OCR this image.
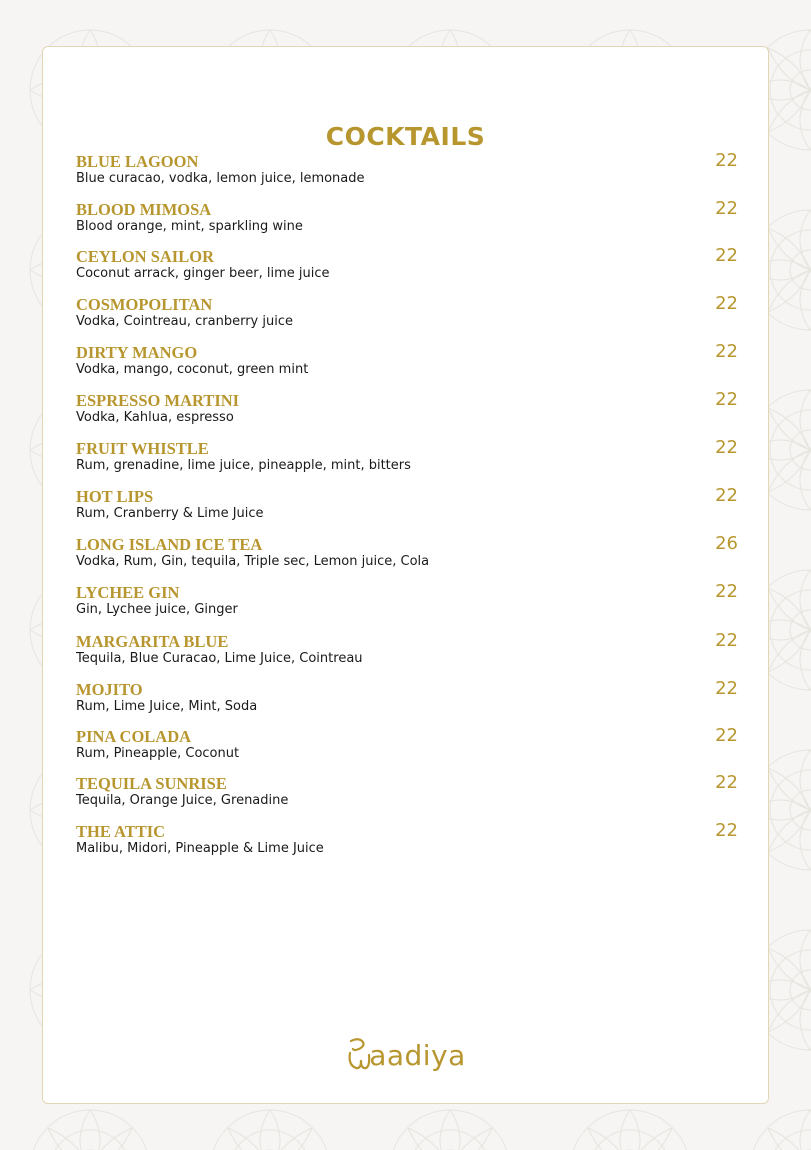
COCKTAILS
BLUE LAGOON
Blue curacao, vodka, lemon juice, lemonade
22
BLOOD MIMOSA
Blood orange, mint, sparkling wine
22
CEYLON SAILOR
Coconut arrack, ginger beer, lime juice
22
COSMOPOLITAN
Vodka, Cointreau, cranberry juice
22
DIRTY MANGO
Vodka, mango, coconut, green mint
22
ESPRESSO MARTINI
Vodka, Kahlua, espresso
22
FRUIT WHISTLE
Rum, grenadine, lime juice, pineapple, mint, bitters
22
HOT LIPS
Rum, Cranberry & Lime Juice
22
LONG ISLAND ICE TEA
Vodka, Rum, Gin, tequila, Triple sec, Lemon juice, Cola
26
LYCHEE GIN
Gin, Lychee juice, Ginger
22
MARGARITA BLUE
Tequila, Blue Curacao, Lime Juice, Cointreau
22
MOJITO
Rum, Lime Juice, Mint, Soda
22
PINA COLADA
Rum, Pineapple, Coconut
22
TEQUILA SUNRISE
Tequila, Orange Juice, Grenadine
22
THE ATTIC
Malibu, Midori, Pineapple & Lime Juice
22
aadiya
